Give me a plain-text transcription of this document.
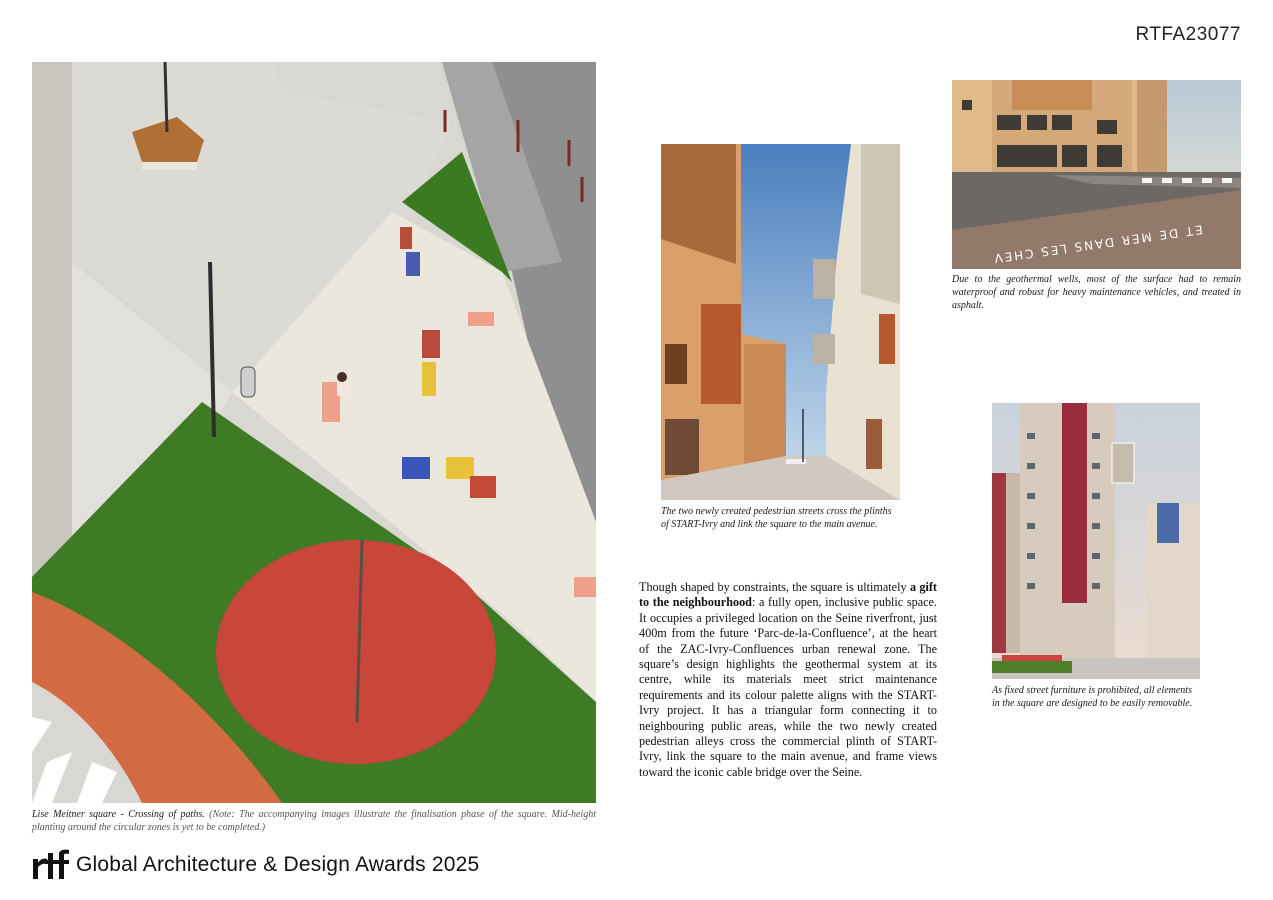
RTFA23077
ET DE MER DANS LES CHEV
Lise Meitner square - Crossing of paths. (Note: The accompanying images illustrate the finalisation phase of the square. Mid-height planting around the circular zones is yet to be completed.)
The two newly created pedestrian streets cross the plinths of START-Ivry and link the square to the main avenue.
Due to the geothermal wells, most of the surface had to remain waterproof and robust for heavy maintenance vehicles, and treated in asphalt.
As fixed street furniture is prohibited, all elements in the square are designed to be easily removable.
Though shaped by constraints, the square is ultimately a gift to the neighbourhood: a fully open, inclusive public space. It occupies a privileged location on the Seine riverfront, just 400m from the future ‘Parc-de-la-Confluence’, at the heart of the ZAC-Ivry-Confluences urban renewal zone. The square’s design highlights the geothermal system at its centre, while its materials meet strict maintenance requirements and its colour palette aligns with the START-Ivry project. It has a triangular form connecting it to neighbouring public areas, while the two newly created pedestrian alleys cross the commercial plinth of START-Ivry, link the square to the main avenue, and frame views toward the iconic cable bridge over the Seine.
Global Architecture & Design Awards 2025
